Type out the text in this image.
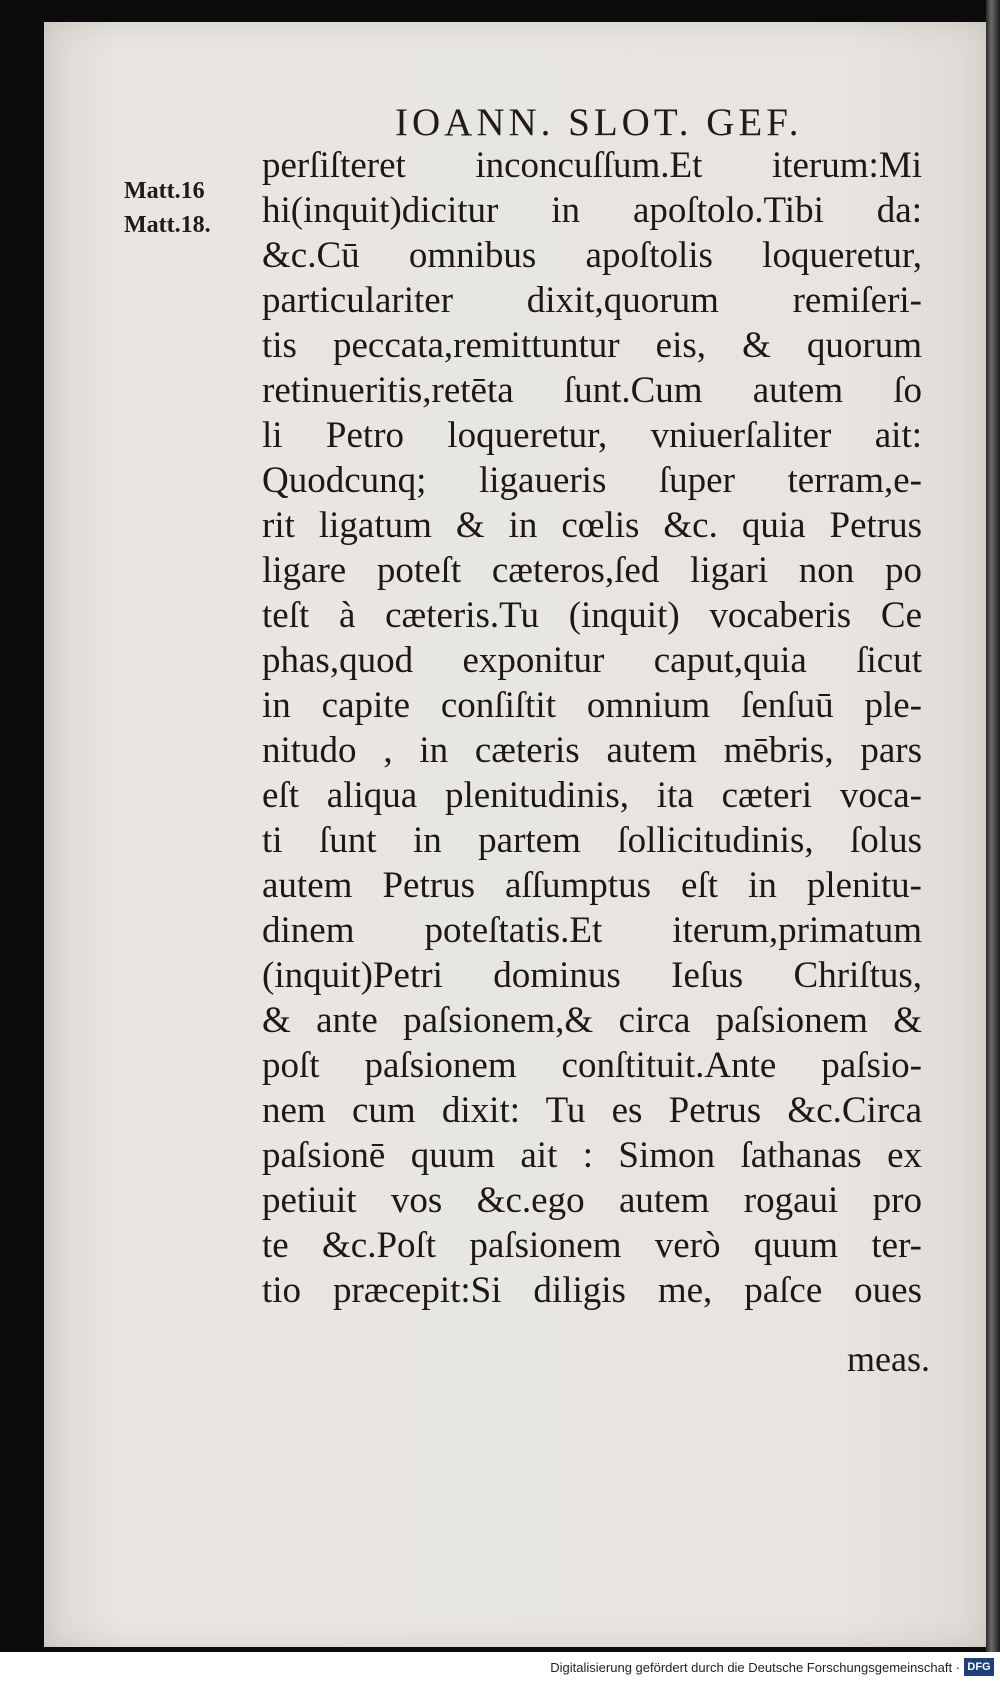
IOANN. SLOT. GEF.
Matt.16
Matt.18.
perſiſteret inconcuſſum.Et iterum:Mi
hi(inquit)dicitur in apoſtolo.Tibi da:
&c.Cū omnibus apoſtolis loqueretur,
particulariter dixit,quorum remiſeri-
tis peccata,remittuntur eis, & quorum
retinueritis,retēta ſunt.Cum autem ſo
li Petro loqueretur, vniuerſaliter ait:
Quodcunq; ligaueris ſuper terram,e-
rit ligatum & in cœlis &c. quia Petrus
ligare poteſt cæteros,ſed ligari non po
teſt à cæteris.Tu (inquit) vocaberis Ce
phas,quod exponitur caput,quia ſicut
in capite conſiſtit omnium ſenſuū ple-
nitudo , in cæteris autem mēbris, pars
eſt aliqua plenitudinis, ita cæteri voca-
ti ſunt in partem ſollicitudinis, ſolus
autem Petrus aſſumptus eſt in plenitu-
dinem poteſtatis.Et iterum,primatum
(inquit)Petri dominus Ieſus Chriſtus,
& ante paſsionem,& circa paſsionem &
poſt paſsionem conſtituit.Ante paſsio-
nem cum dixit: Tu es Petrus &c.Circa
paſsionē quum ait : Simon ſathanas ex
petiuit vos &c.ego autem rogaui pro
te &c.Poſt paſsionem verò quum ter-
tio præcepit:Si diligis me, paſce oues
meas.
Digitalisierung gefördert durch die Deutsche Forschungsgemeinschaft · DFG
